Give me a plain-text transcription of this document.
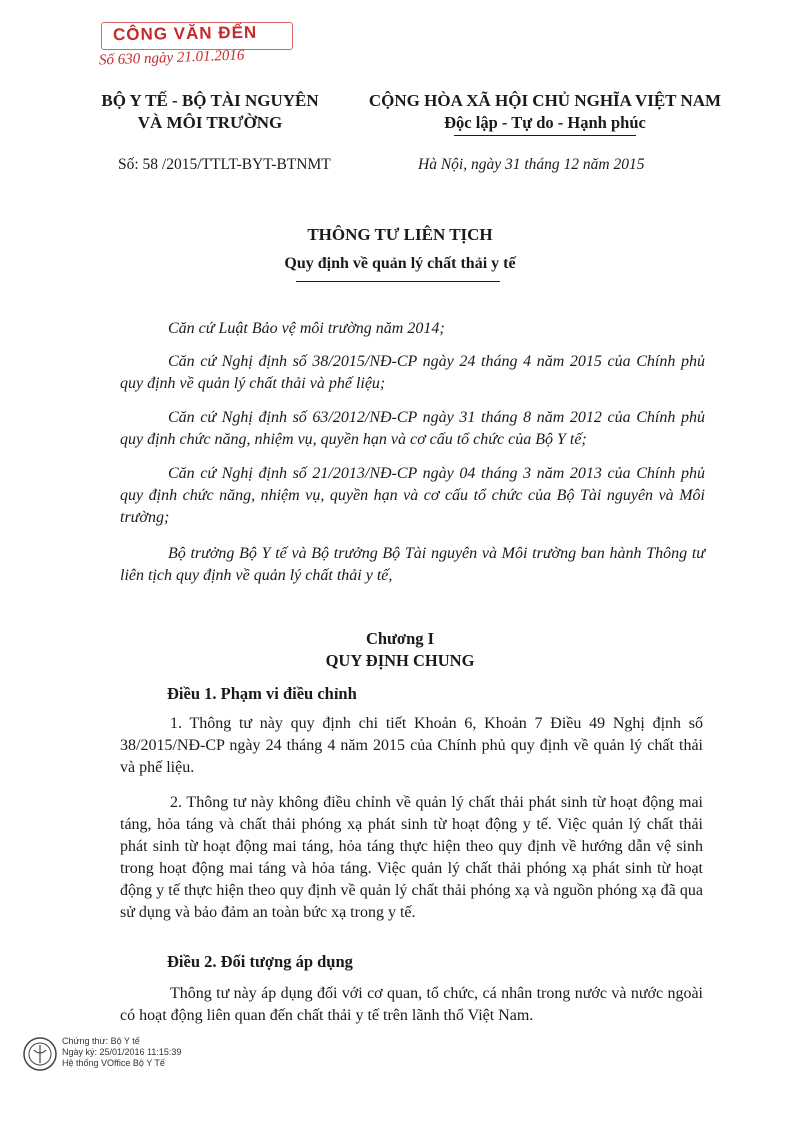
CÔNG VĂN ĐẾN
Số 630 ngày 21.01.2016
BỘ Y TẾ - BỘ TÀI NGUYÊN
VÀ MÔI TRƯỜNG
CỘNG HÒA XÃ HỘI CHỦ NGHĨA VIỆT NAM
Độc lập - Tự do - Hạnh phúc
Số: 58 /2015/TTLT-BYT-BTNMT	Hà Nội, ngày 31 tháng 12 năm 2015
THÔNG TƯ LIÊN TỊCH
Quy định về quản lý chất thải y tế
Căn cứ Luật Bảo vệ môi trường năm 2014;
Căn cứ Nghị định số 38/2015/NĐ-CP ngày 24 tháng 4 năm 2015 của Chính phủ quy định về quản lý chất thải và phế liệu;
Căn cứ Nghị định số 63/2012/NĐ-CP ngày 31 tháng 8 năm 2012 của Chính phủ quy định chức năng, nhiệm vụ, quyền hạn và cơ cấu tổ chức của Bộ Y tế;
Căn cứ Nghị định số 21/2013/NĐ-CP ngày 04 tháng 3 năm 2013 của Chính phủ quy định chức năng, nhiệm vụ, quyền hạn và cơ cấu tổ chức của Bộ Tài nguyên và Môi trường;
Bộ trưởng Bộ Y tế và Bộ trưởng Bộ Tài nguyên và Môi trường ban hành Thông tư liên tịch quy định về quản lý chất thải y tế,
Chương I
QUY ĐỊNH CHUNG
Điều 1. Phạm vi điều chỉnh
1. Thông tư này quy định chi tiết Khoản 6, Khoản 7 Điều 49 Nghị định số 38/2015/NĐ-CP ngày 24 tháng 4 năm 2015 của Chính phủ quy định về quản lý chất thải và phế liệu.
2. Thông tư này không điều chỉnh về quản lý chất thải phát sinh từ hoạt động mai táng, hỏa táng và chất thải phóng xạ phát sinh từ hoạt động y tế. Việc quản lý chất thải phát sinh từ hoạt động mai táng, hỏa táng thực hiện theo quy định về hướng dẫn vệ sinh trong hoạt động mai táng và hỏa táng. Việc quản lý chất thải phóng xạ phát sinh từ hoạt động y tế thực hiện theo quy định về quản lý chất thải phóng xạ và nguồn phóng xạ đã qua sử dụng và bảo đảm an toàn bức xạ trong y tế.
Điều 2. Đối tượng áp dụng
Thông tư này áp dụng đối với cơ quan, tổ chức, cá nhân trong nước và nước ngoài có hoạt động liên quan đến chất thải y tế trên lãnh thổ Việt Nam.
Chứng thư: Bộ Y tế
Ngày ký: 25/01/2016 11:15:39
Hệ thống VOffice Bộ Y Tế
